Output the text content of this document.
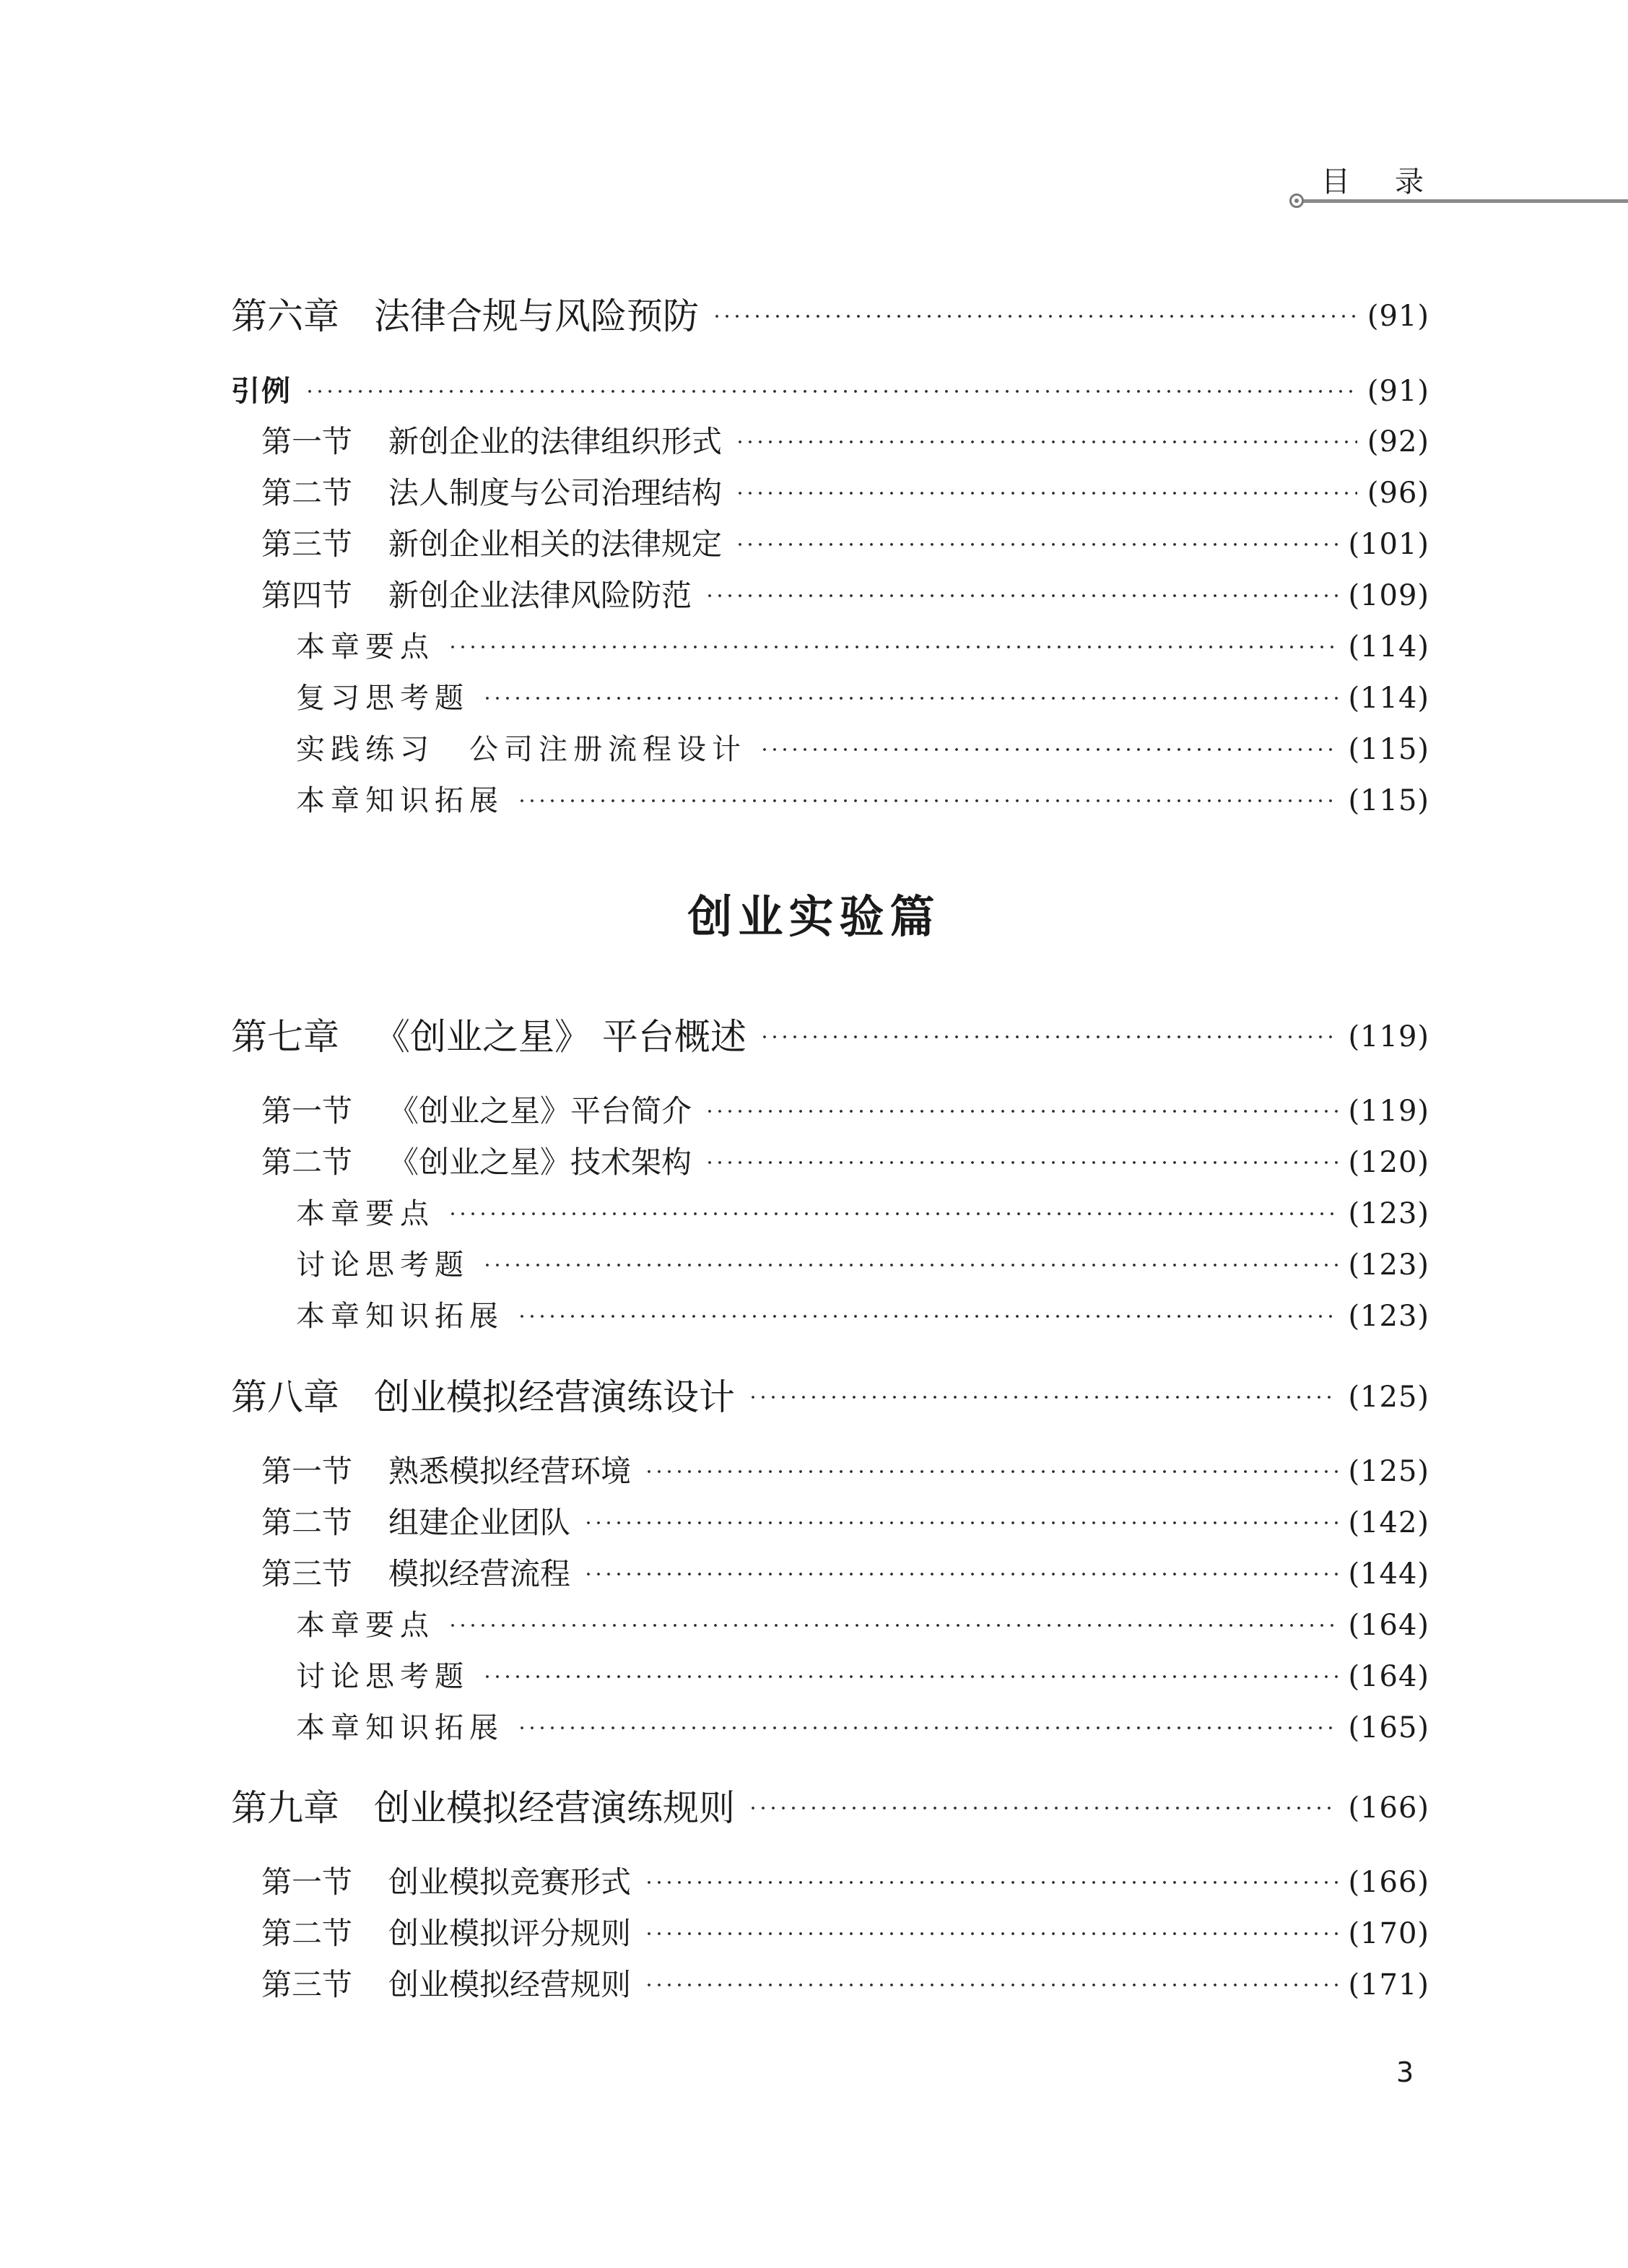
目录
第六章 法律合规与风险预防	(91)
引例	(91)
第一节 新创企业的法律组织形式	(92)
第二节 法人制度与公司治理结构	(96)
第三节 新创企业相关的法律规定	(101)
第四节 新创企业法律风险防范	(109)
本章要点	(114)
复习思考题	(114)
实践练习　公司注册流程设计	(115)
本章知识拓展	(115)
创业实验篇
第七章 《创业之星》 平台概述	(119)
第一节 《创业之星》平台简介	(119)
第二节 《创业之星》技术架构	(120)
本章要点	(123)
讨论思考题	(123)
本章知识拓展	(123)
第八章 创业模拟经营演练设计	(125)
第一节 熟悉模拟经营环境	(125)
第二节 组建企业团队	(142)
第三节 模拟经营流程	(144)
本章要点	(164)
讨论思考题	(164)
本章知识拓展	(165)
第九章 创业模拟经营演练规则	(166)
第一节 创业模拟竞赛形式	(166)
第二节 创业模拟评分规则	(170)
第三节 创业模拟经营规则	(171)
3
